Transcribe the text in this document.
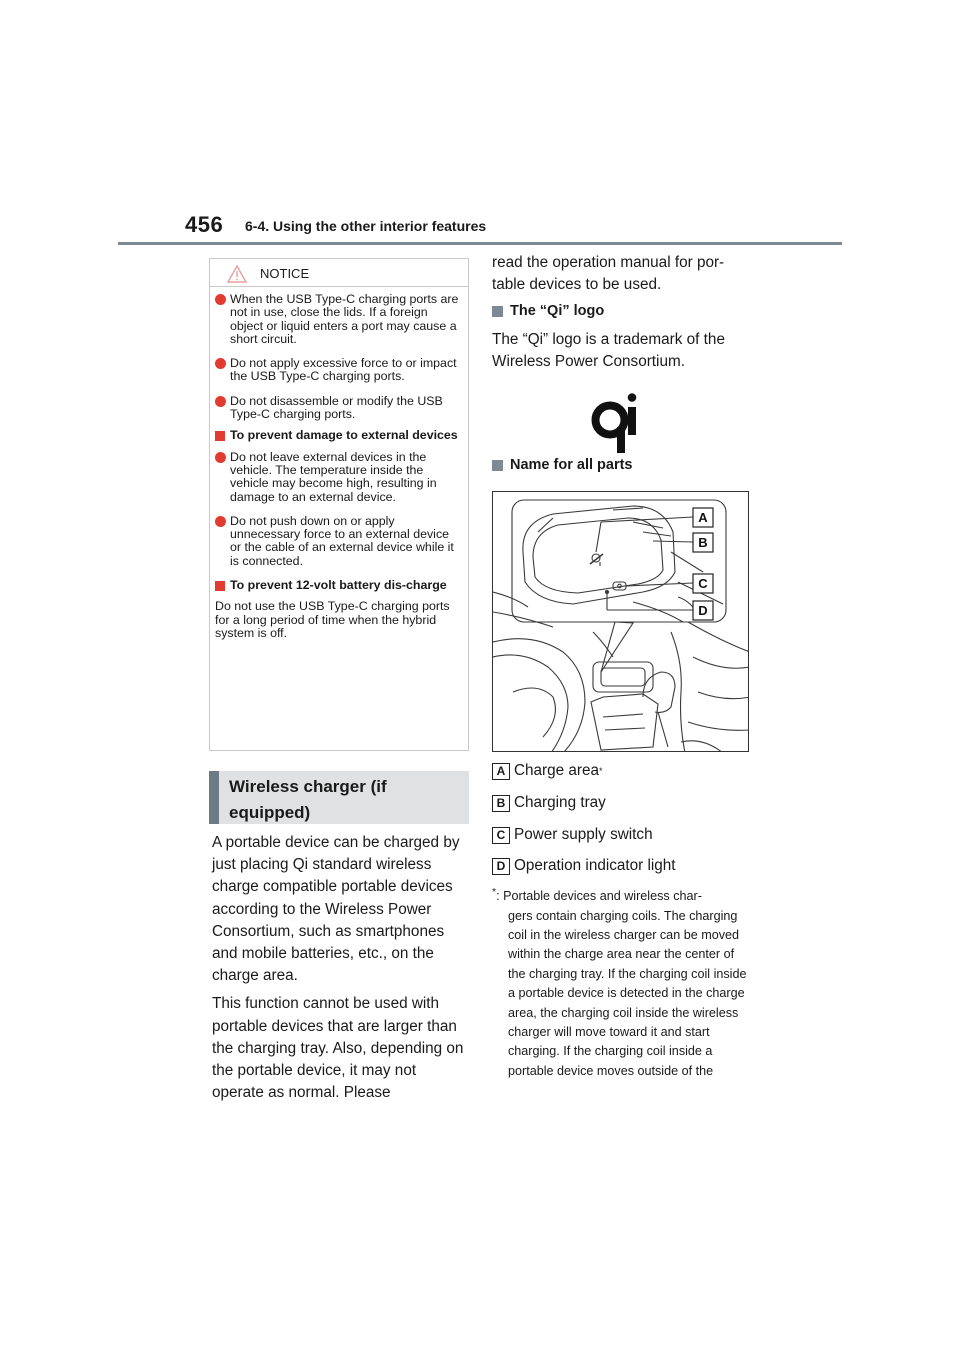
456 6-4. Using the other interior features
NOTICE
When the USB Type-C charging ports are not in use, close the lids. If a foreign object or liquid enters a port may cause a short circuit.
Do not apply excessive force to or impact the USB Type-C charging ports.
Do not disassemble or modify the USB Type-C charging ports.
To prevent damage to external devices
Do not leave external devices in the vehicle. The temperature inside the vehicle may become high, resulting in damage to an external device.
Do not push down on or apply unnecessary force to an external device or the cable of an external device while it is connected.
To prevent 12-volt battery dis-charge
Do not use the USB Type-C charging ports for a long period of time when the hybrid system is off.
Wireless charger (if equipped)

A portable device can be charged by just placing Qi standard wireless charge compatible portable devices according to the Wireless Power Consortium, such as smartphones and mobile batteries, etc., on the charge area.

This function cannot be used with portable devices that are larger than the charging tray. Also, depending on the portable device, it may not operate as normal. Please

read the operation manual for por-table devices to be used.
The “Qi” logo
The “Qi” logo is a trademark of the Wireless Power Consortium.
Name for all parts
A
B
C
D
A Charge area *
B Charging tray
C Power supply switch
D Operation indicator light
*: Portable devices and wireless char-
gers contain charging coils. The charging coil in the wireless charger can be moved within the charge area near the center of the charging tray. If the charging coil inside a portable device is detected in the charge area, the charging coil inside the wireless charger will move toward it and start charging. If the charging coil inside a portable device moves outside of the
